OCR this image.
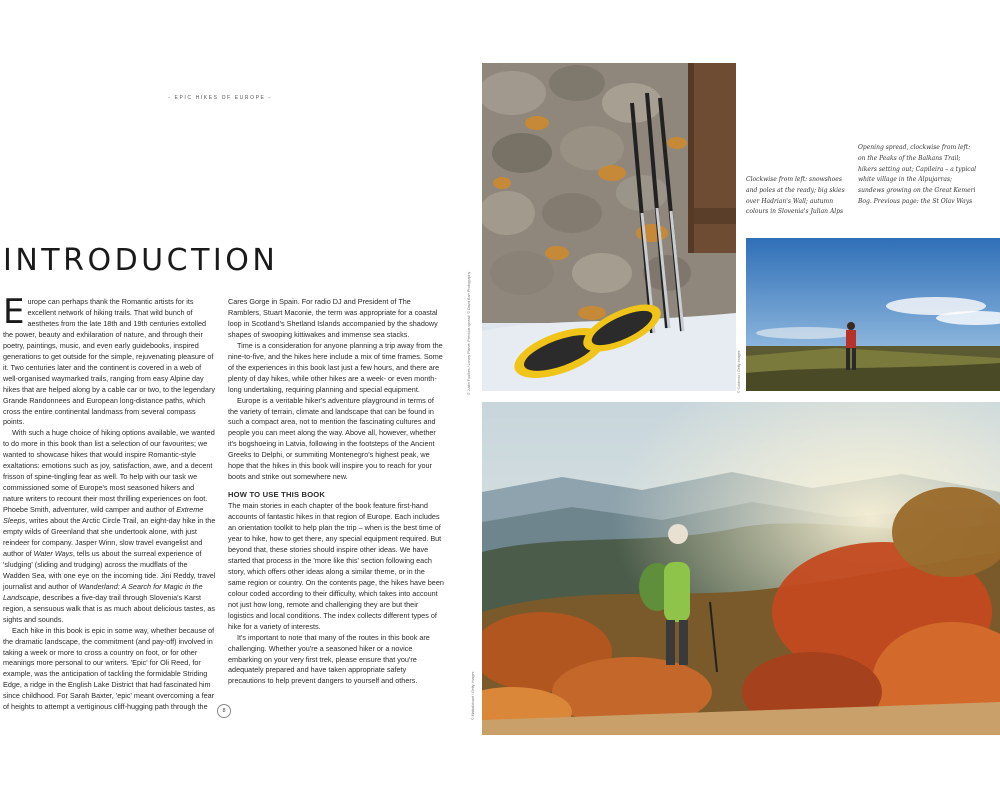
- EPIC HIKES OF EUROPE -
INTRODUCTION

Europe can perhaps thank the Romantic artists for its excellent network of hiking trails. That wild bunch of aesthetes from the late 18th and 19th centuries extolled the power, beauty and exhilaration of nature, and through their poetry, paintings, music, and even early guidebooks, inspired generations to get outside for the simple, rejuvenating pleasure of it. Two centuries later and the continent is covered in a web of well-organised waymarked trails, ranging from easy Alpine day hikes that are helped along by a cable car or two, to the legendary Grande Randonnees and European long-distance paths, which cross the entire continental landmass from several compass points.

With such a huge choice of hiking options available, we wanted to do more in this book than list a selection of our favourites; we wanted to showcase hikes that would inspire Romantic-style exaltations: emotions such as joy, satisfaction, awe, and a decent frisson of spine-tingling fear as well. To help with our task we commissioned some of Europe's most seasoned hikers and nature writers to recount their most thrilling experiences on foot. Phoebe Smith, adventurer, wild camper and author of Extreme Sleeps, writes about the Arctic Circle Trail, an eight-day hike in the empty wilds of Greenland that she undertook alone, with just reindeer for company. Jasper Winn, slow travel evangelist and author of Water Ways, tells us about the surreal experience of 'sludging' (sliding and trudging) across the mudflats of the Wadden Sea, with one eye on the incoming tide. Jini Reddy, travel journalist and author of Wanderland: A Search for Magic in the Landscape, describes a five-day trail through Slovenia's Karst region, a sensuous walk that is as much about delicious tastes, as sights and sounds.

Each hike in this book is epic in some way, whether because of the dramatic landscape, the commitment (and pay-off) involved in taking a week or more to cross a country on foot, or for other meanings more personal to our writers. 'Epic' for Oli Reed, for example, was the anticipation of tackling the formidable Striding Edge, a ridge in the English Lake District that had fascinated him since childhood. For Sarah Baxter, 'epic' meant overcoming a fear of heights to attempt a vertiginous cliff-hugging path through the

Cares Gorge in Spain. For radio DJ and President of The Ramblers, Stuart Maconie, the term was appropriate for a coastal loop in Scotland's Shetland Islands accompanied by the shadowy shapes of swooping kittiwakes and immense sea stacks.

Time is a consideration for anyone planning a trip away from the nine-to-five, and the hikes here include a mix of time frames. Some of the experiences in this book last just a few hours, and there are plenty of day hikes, while other hikes are a week- or even month-long undertaking, requiring planning and special equipment.

Europe is a veritable hiker's adventure playground in terms of the variety of terrain, climate and landscape that can be found in such a compact area, not to mention the fascinating cultures and people you can meet along the way. Above all, however, whether it's bogshoeing in Latvia, following in the footsteps of the Ancient Greeks to Delphi, or summiting Montenegro's highest peak, we hope that the hikes in this book will inspire you to reach for your boots and strike out somewhere new.

HOW TO USE THIS BOOK

The main stories in each chapter of the book feature first-hand accounts of fantastic hikes in that region of Europe. Each includes an orientation toolkit to help plan the trip – when is the best time of year to hike, how to get there, any special equipment required. But beyond that, these stories should inspire other ideas. We have started that process in the 'more like this' section following each story, which offers other ideas along a similar theme, or in the same region or country. On the contents page, the hikes have been colour coded according to their difficulty, which takes into account not just how long, remote and challenging they are but their logistics and local conditions. The index collects different types of hike for a variety of interests.

It's important to note that many of the routes in this book are challenging. Whether you're a seasoned hiker or a novice embarking on your very first trek, please ensure that you're adequately prepared and have taken appropriate safety precautions to help prevent dangers to yourself and others.

8
© Justin Foulkes / Lonely Planet; Previous spread: © David Barr Photography
Clockwise from left: snowshoes and poles at the ready; big skies over Hadrian's Wall; autumn colours in Slovenia's Julian Alps
Opening spread, clockwise from left: on the Peaks of the Balkans Trail; hikers setting out; Capileira – a typical white village in the Alpujarras; sundews growing on the Great Kemeri Bog. Previous page: the St Olav Ways
© Coldmoo / Getty Images
© Matkalkkuart / Getty Images
